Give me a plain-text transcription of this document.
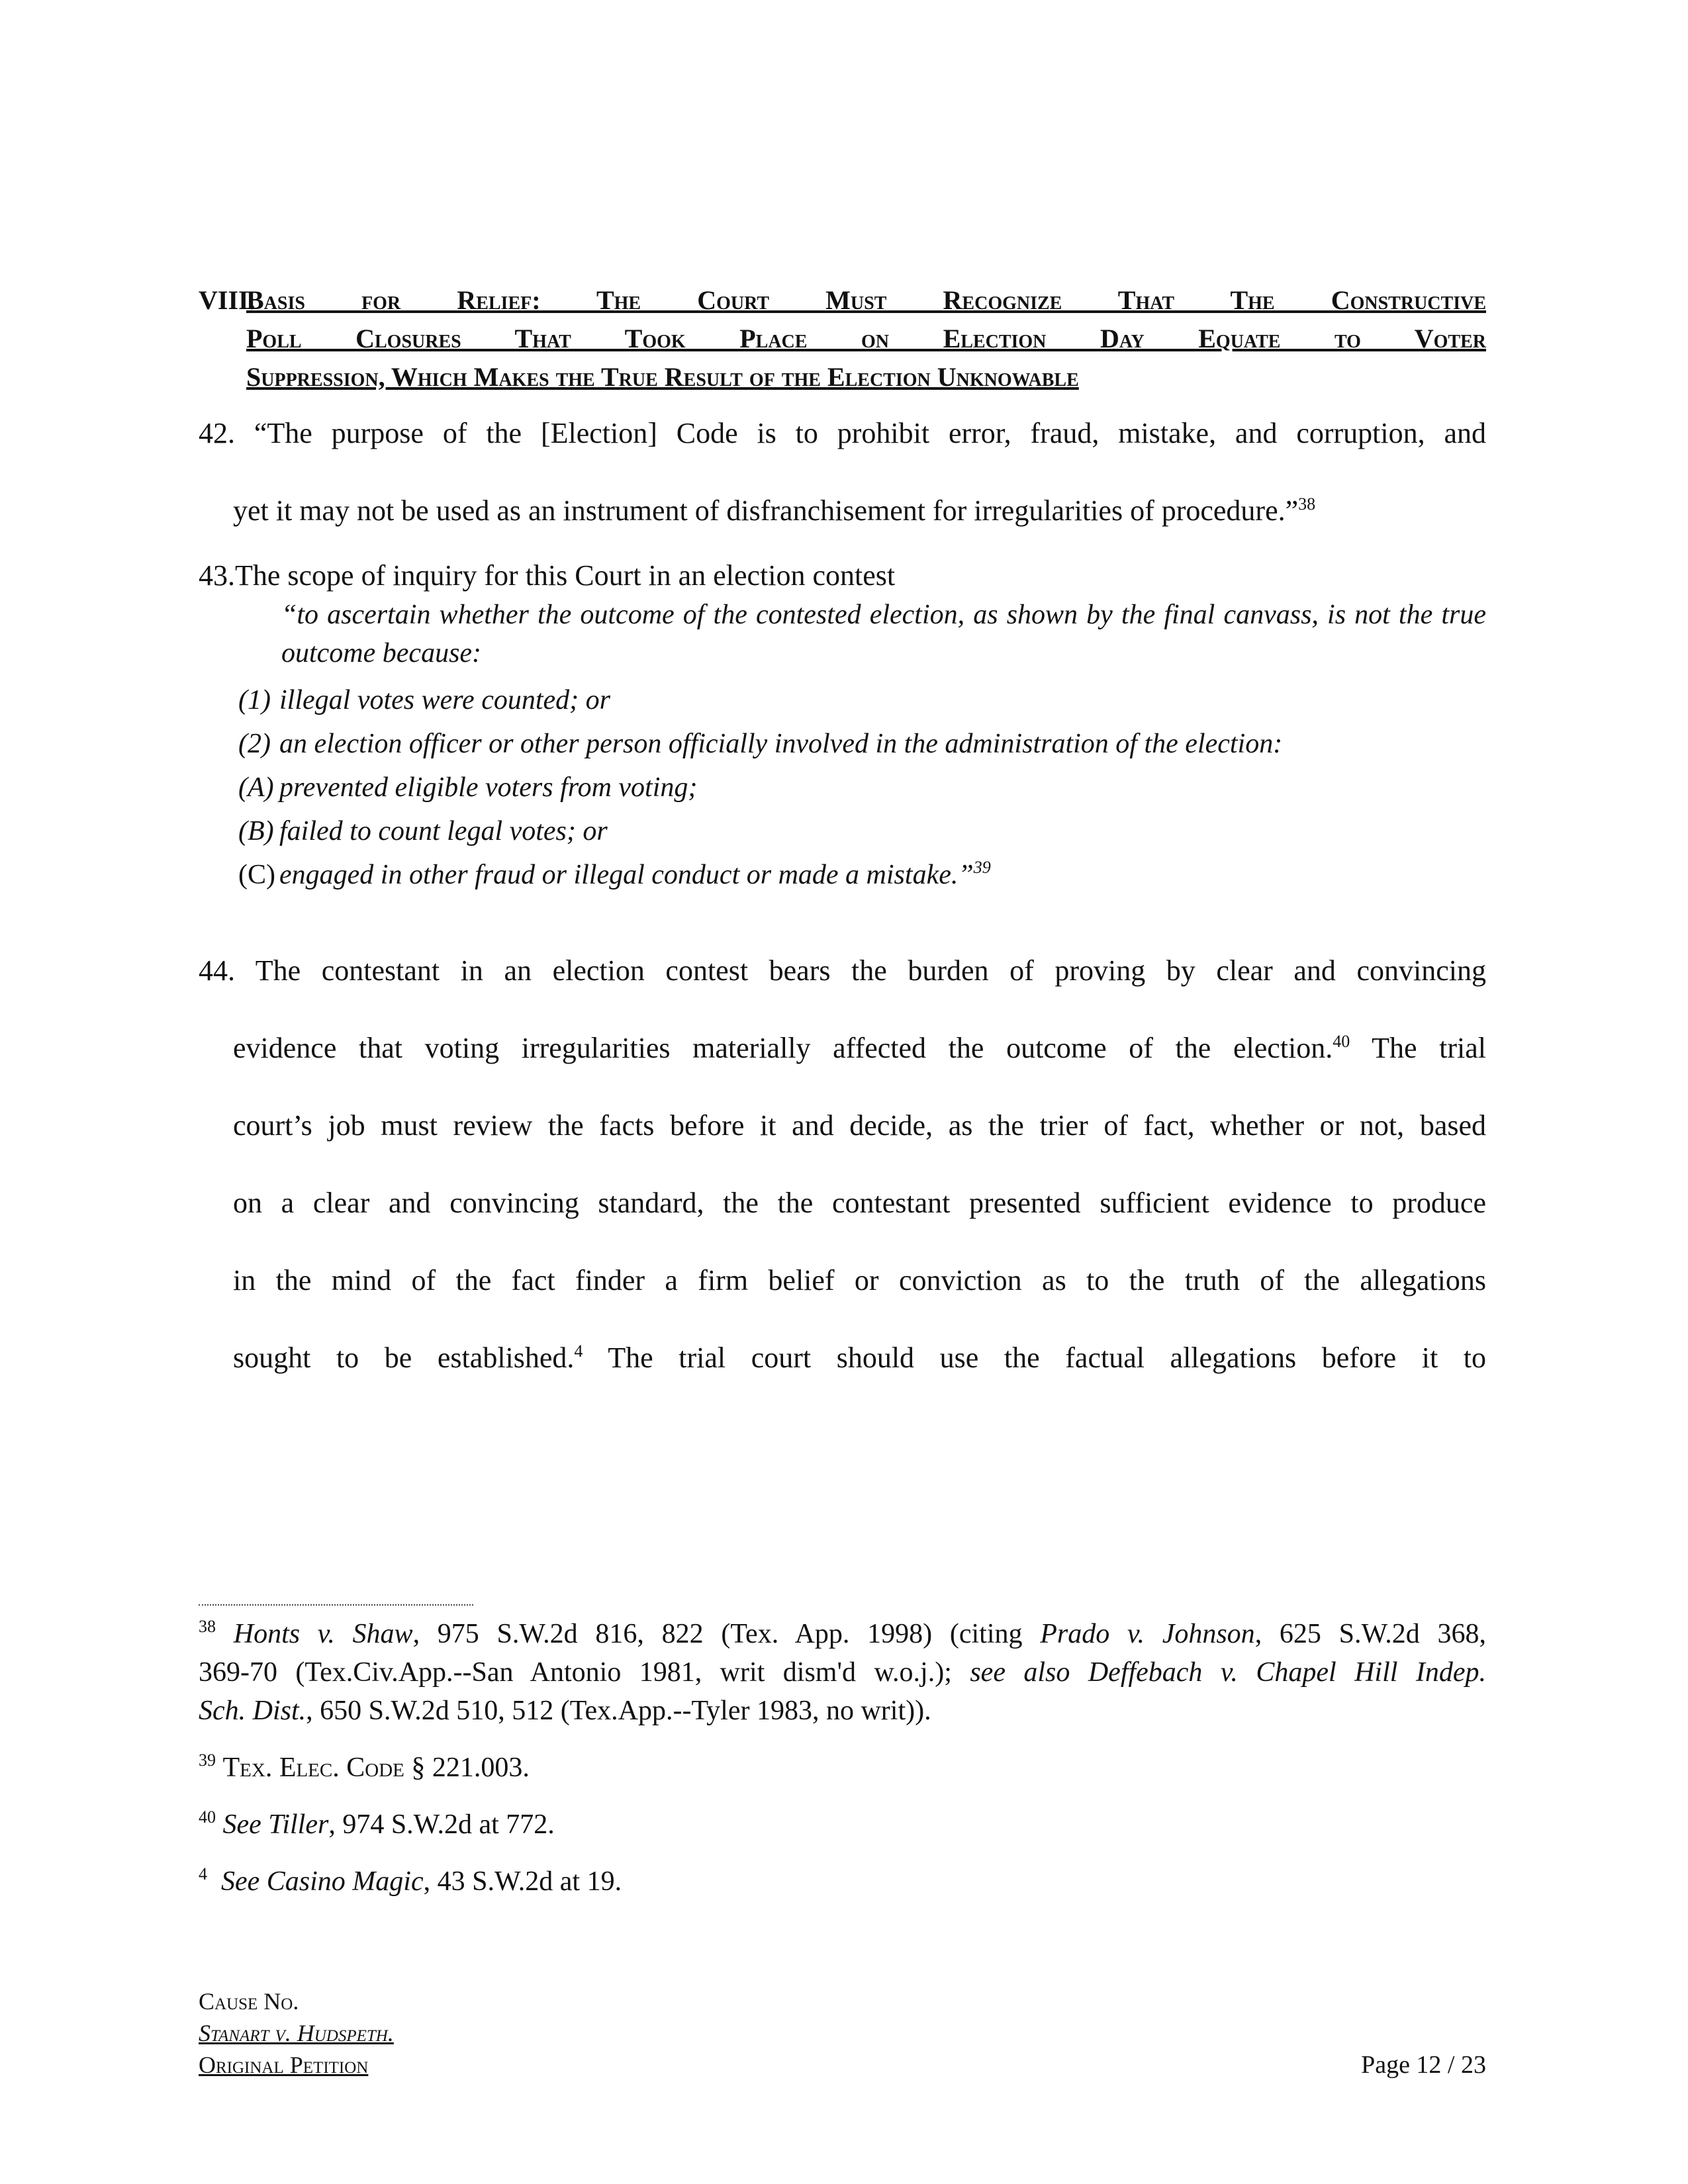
VIII.
Basis for Relief: The Court Must Recognize That The Constructive
Poll Closures That Took Place on Election Day Equate to Voter
Suppression, Which Makes the True Result of the Election Unknowable
42. “The purpose of the [Election] Code is to prohibit error, fraud, mistake, and corruption, and
yet it may not be used as an instrument of disfranchisement for irregularities of procedure.”$^{38}$
43.The scope of inquiry for this Court in an election contest
“to ascertain whether the outcome of the contested election, as shown by the final canvass, is not the true
outcome because:
(1) illegal votes were counted; or
(2) an election officer or other person officially involved in the administration of the election:
(A) prevented eligible voters from voting;
(B) failed to count legal votes; or
(C) engaged in other fraud or illegal conduct or made a mistake.”$^{39}$
44. The contestant in an election contest bears the burden of proving by clear and convincing
evidence that voting irregularities materially affected the outcome of the election.$^{40}$ The trial
court’s job must review the facts before it and decide, as the trier of fact, whether or not, based
on a clear and convincing standard, the the contestant presented sufficient evidence to produce
in the mind of the fact finder a firm belief or conviction as to the truth of the allegations
sought to be established.$^4$ The trial court should use the factual allegations before it to
$^{38}$ Honts v. Shaw, 975 S.W.2d 816, 822 (Tex. App. 1998) (citing Prado v. Johnson, 625 S.W.2d 368,
369-70 (Tex.Civ.App.--San Antonio 1981, writ dism'd w.o.j.); see also Deffebach v. Chapel Hill Indep.
Sch. Dist., 650 S.W.2d 510, 512 (Tex.App.--Tyler 1983, no writ)).
$^{39}$ Tex. Elec. Code § 221.003.
$^{40}$ See Tiller, 974 S.W.2d at 772.
$^4$ See Casino Magic, 43 S.W.2d at 19.
Cause No.
Stanart v. Hudspeth.
Original Petition	Page 12 / 23
